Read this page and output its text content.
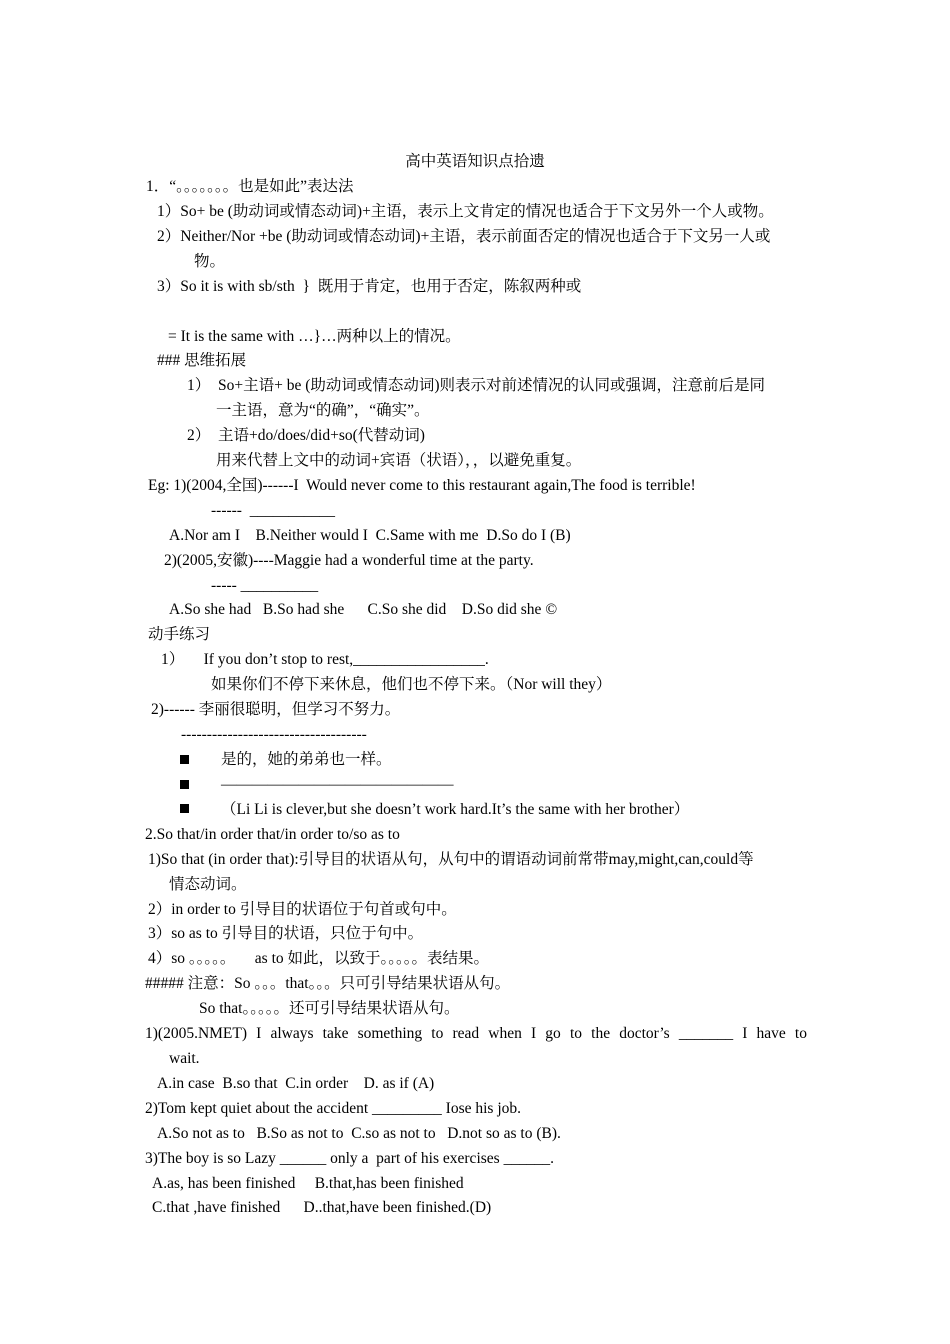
高中英语知识点拾遗
1．“。。。。。。。也是如此”表达法
1）So+ be (助动词或情态动词)+主语，表示上文肯定的情况也适合于下文另外一个人或物。
2）Neither/Nor +be (助动词或情态动词)+主语，表示前面否定的情况也适合于下文另一人或
物。
3）So it is with sb/sth  }  既用于肯定，也用于否定，陈叙两种或
= It is the same with …}…两种以上的情况。
### 思维拓展
1）  So+主语+ be (助动词或情态动词)则表示对前述情况的认同或强调，注意前后是同
一主语，意为“的确”，“确实”。
2）  主语+do/does/did+so(代替动词)
用来代替上文中的动词+宾语（状语），，以避免重复。
Eg: 1)(2004,全国)------I  Would never come to this restaurant again,The food is terrible!
------  ___________
A.Nor am I    B.Neither would I  C.Same with me  D.So do I (B)
2)(2005,安徽)----Maggie had a wonderful time at the party.
----- __________
A.So she had   B.So had she      C.So she did    D.So did she ©
动手练习
1）     If you don’t stop to rest,_________________.
如果你们不停下来休息，他们也不停下来。（Nor will they）
2)------ 李丽很聪明，但学习不努力。
------------------------------------
是的，她的弟弟也一样。
———————————————
（Li Li is clever,but she doesn’t work hard.It’s the same with her brother）
2.So that/in order that/in order to/so as to
1)So that (in order that):引导目的状语从句，从句中的谓语动词前常带may,might,can,could等
情态动词。
2）in order to 引导目的状语位于句首或句中。
3）so as to 引导目的状语，只位于句中。
4）so 。。。。。     as to 如此，以致于。。。。。表结果。
##### 注意：So 。。。that。。。只可引导结果状语从句。
So that。。。。。还可引导结果状语从句。
1)(2005.NMET) I always take something to read when I go to the doctor’s _______ I have to
wait.
A.in case  B.so that  C.in order    D. as if (A)
2)Tom kept quiet about the accident _________ Iose his job.
A.So not as to   B.So as not to  C.so as not to   D.not so as to (B).
3)The boy is so Lazy ______ only a  part of his exercises ______.
A.as, has been finished     B.that,has been finished
C.that ,have finished      D..that,have been finished.(D)
